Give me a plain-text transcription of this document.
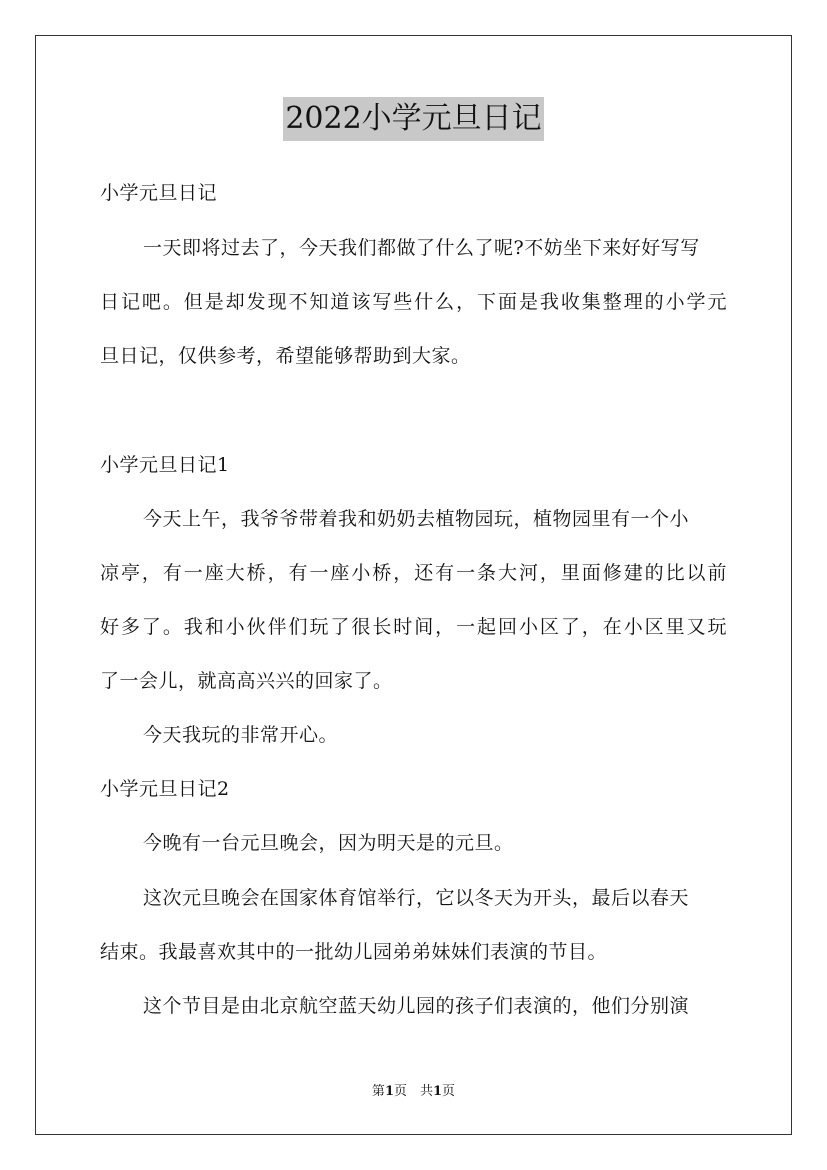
2022小学元旦日记
小学元旦日记
一天即将过去了，今天我们都做了什么了呢?不妨坐下来好好写写
日记吧。但是却发现不知道该写些什么，下面是我收集整理的小学元
旦日记，仅供参考，希望能够帮助到大家。
小学元旦日记1
今天上午，我爷爷带着我和奶奶去植物园玩，植物园里有一个小
凉亭，有一座大桥，有一座小桥，还有一条大河，里面修建的比以前
好多了。我和小伙伴们玩了很长时间，一起回小区了，在小区里又玩
了一会儿，就高高兴兴的回家了。
今天我玩的非常开心。
小学元旦日记2
今晚有一台元旦晚会，因为明天是的元旦。
这次元旦晚会在国家体育馆举行，它以冬天为开头，最后以春天
结束。我最喜欢其中的一批幼儿园弟弟妹妹们表演的节目。
这个节目是由北京航空蓝天幼儿园的孩子们表演的，他们分别演
第1页　共1页
